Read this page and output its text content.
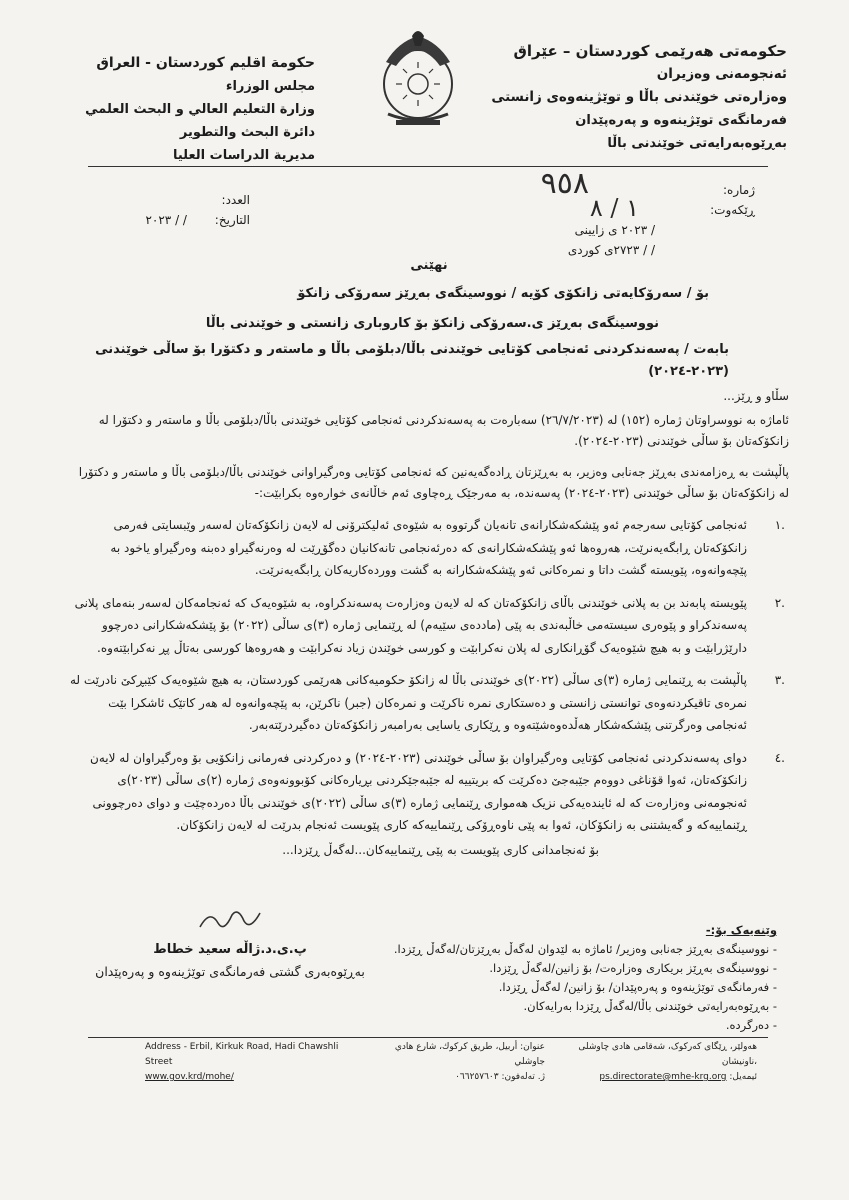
حکومەتی هەرێمی کوردستان – عێراق
ئەنجومەنی وەزیران
وەزارەتی خوێندنی باڵا و توێژینەوەی زانستی
فەرمانگەی توێژینەوە و پەرەپێدان
بەڕێوەبەرایەتی خوێندنی باڵا
حكومة اقليم كوردستان - العراق
مجلس الوزراء
وزارة التعليم العالي و البحث العلمي
دائرة البحث والتطوير
مديرية الدراسات العليا
ژمارە:
ڕێکەوت:
/ ٢٠٢٣ ی زایینی
/ / ٢٧٢٣ی كوردی
٩٥٨
١ / ٨
العدد:
التاريخ: / / ٢٠٢٣
نهێنی
بۆ / سەرۆكایەتی زانكۆی كۆیە / نووسینگەی بەڕێز سەرۆكی زانكۆ
نووسینگەی بەڕێز ی.سەرۆكی زانكۆ بۆ كاروباری زانستی و خوێندنی باڵا
بابەت / پەسەندكردنی ئەنجامی كۆتایی خوێندنی باڵا/دبلۆمی باڵا و ماستەر و دكتۆرا بۆ ساڵی خوێندنی (٢٠٢٣-٢٠٢٤)
سڵاو و ڕێز...
ئاماژە بە نووسراوتان ژمارە (١٥٢) لە (٢٦/٧/٢٠٢٣) سەبارەت بە پەسەندكردنی ئەنجامی كۆتایی خوێندنی باڵا/دبلۆمی باڵا و ماستەر و دكتۆرا لە زانكۆكەتان بۆ ساڵی خوێندنی (٢٠٢٣-٢٠٢٤).
پاڵپشت بە ڕەزامەندی بەڕێز جەنابی وەزیر، بە بەڕێزتان ڕادەگەیەنین كە ئەنجامی كۆتایی وەرگیراوانی خوێندنی باڵا/دبلۆمی باڵا و ماستەر و دكتۆرا لە زانكۆكەتان بۆ ساڵی خوێندنی (٢٠٢٣-٢٠٢٤) پەسەندە، بە مەرجێک ڕەچاوی ئەم خاڵانەی خوارەوە بكرابێت:-
.١
ئەنجامی كۆتایی سەرجەم ئەو پێشكەشكارانەی تانەیان گرتووە بە شێوەی ئەلیكترۆنی لە لایەن زانكۆكەتان لەسەر وێبسایتی فەرمی زانكۆكەتان ڕابگەیەنرێت، هەروەها ئەو پێشكەشكارانەی كە دەرئەنجامی تانەكانیان دەگۆڕێت لە وەرنەگیراو دەبنە وەرگیراو یاخود بە پێچەوانەوە، پێویستە گشت داتا و نمرەكانی ئەو پێشكەشكارانە بە گشت ووردەكاریەكان ڕابگەیەنرێت.
.٢
پێویستە پابەند بن بە پلانی خوێندنی باڵای زانكۆكەتان كە لە لایەن وەزارەت پەسەندكراوە، بە شێوەیەک كە ئەنجامەكان لەسەر بنەمای پلانی پەسەندكراو و پێوەری سیستەمی خاڵبەندی بە پێی (ماددەی سێیەم) لە ڕێنمایی ژمارە (٣)ی ساڵی (٢٠٢٢) بۆ پێشكەشكارانی دەرچوو دارێژرابێت و بە هیچ شێوەیەک گۆڕانكاری لە پلان نەكرابێت و كورسی خوێندن زیاد نەكرابێت و هەروەها كورسی بەتاڵ پڕ نەكرابێتەوە.
.٣
پاڵپشت بە ڕێنمایی ژمارە (٣)ی ساڵی (٢٠٢٢)ی خوێندنی باڵا لە زانكۆ حكومیەكانی هەرێمی كوردستان، بە هیچ شێوەیەک كێبڕكێ نادرێت لە نمرەی تاقیكردنەوەی توانستی زانستی و دەستكاری نمرە ناكرێت و نمرەكان (جبر) ناكرێن، بە پێچەوانەوە لە هەر كاتێک ئاشكرا بێت ئەنجامی وەرگرتنی پێشكەشكار هەڵدەوەشێتەوە و ڕێكاری یاسایی بەرامبەر زانكۆكەتان دەگیردرێتەبەر.
.٤
دوای پەسەندكردنی ئەنجامی كۆتایی وەرگیراوان بۆ ساڵی خوێندنی (٢٠٢٣-٢٠٢٤) و دەركردنی فەرمانی زانكۆیی بۆ وەرگیراوان لە لایەن زانكۆكەتان، ئەوا قۆناغی دووەم جێبەجێ دەكرێت كە بریتییە لە جێبەجێكردنی بڕیارەكانی كۆبوونەوەی ژمارە (٢)ی ساڵی (٢٠٢٣)ی ئەنجومەنی وەزارەت كە لە ئایندەیەكی نزیک هەمواری ڕێنمایی ژمارە (٣)ی ساڵی (٢٠٢٢)ی خوێندنی باڵا دەردەچێت و دوای دەرچوونی ڕێنماییەكە و گەیشتنی بە زانكۆكان، ئەوا بە پێی ناوەڕۆكی ڕێنماییەكە كاری پێویست ئەنجام بدرێت لە لایەن زانكۆكان.
بۆ ئەنجامدانی كاری پێویست بە پێی ڕێنماییەكان...لەگەڵ ڕێزدا...
پ.ی.د.ژاڵە سعید خطاط
بەڕێوەبەری گشتی فەرمانگەی توێژینەوە و پەرەپێدان
وێنەیەک بۆ:-
- نووسینگەی بەڕێز جەنابی وەزیر/ ئاماژە بە لێدوان لەگەڵ بەڕێزتان/لەگەڵ ڕێزدا.
- نووسینگەی بەڕێز بریكاری وەزارەت/ بۆ زانین/لەگەڵ ڕێزدا.
- فەرمانگەی توێژینەوە و پەرەپێدان/ بۆ زانین/ لەگەڵ ڕێزدا.
- بەڕێوەبەرایەتی خوێندنی باڵا/لەگەڵ ڕێزدا بەرایەكان.
- دەرگرده.
Address - Erbil, Kirkuk Road, Hadi Chawshli Street
www.gov.krd/mohe/
عنوان: أربيل، طريق كركوك، شارع هادي جاوشلي
ژ. تەلەفون: ٠٦٦٢٥٧٦٠٣
هەولێر، ڕێگای كەركوک، شەقامی هادی چاوشلی ،ناونیشان
ئیمەیل: ps.directorate@mhe-krg.org
